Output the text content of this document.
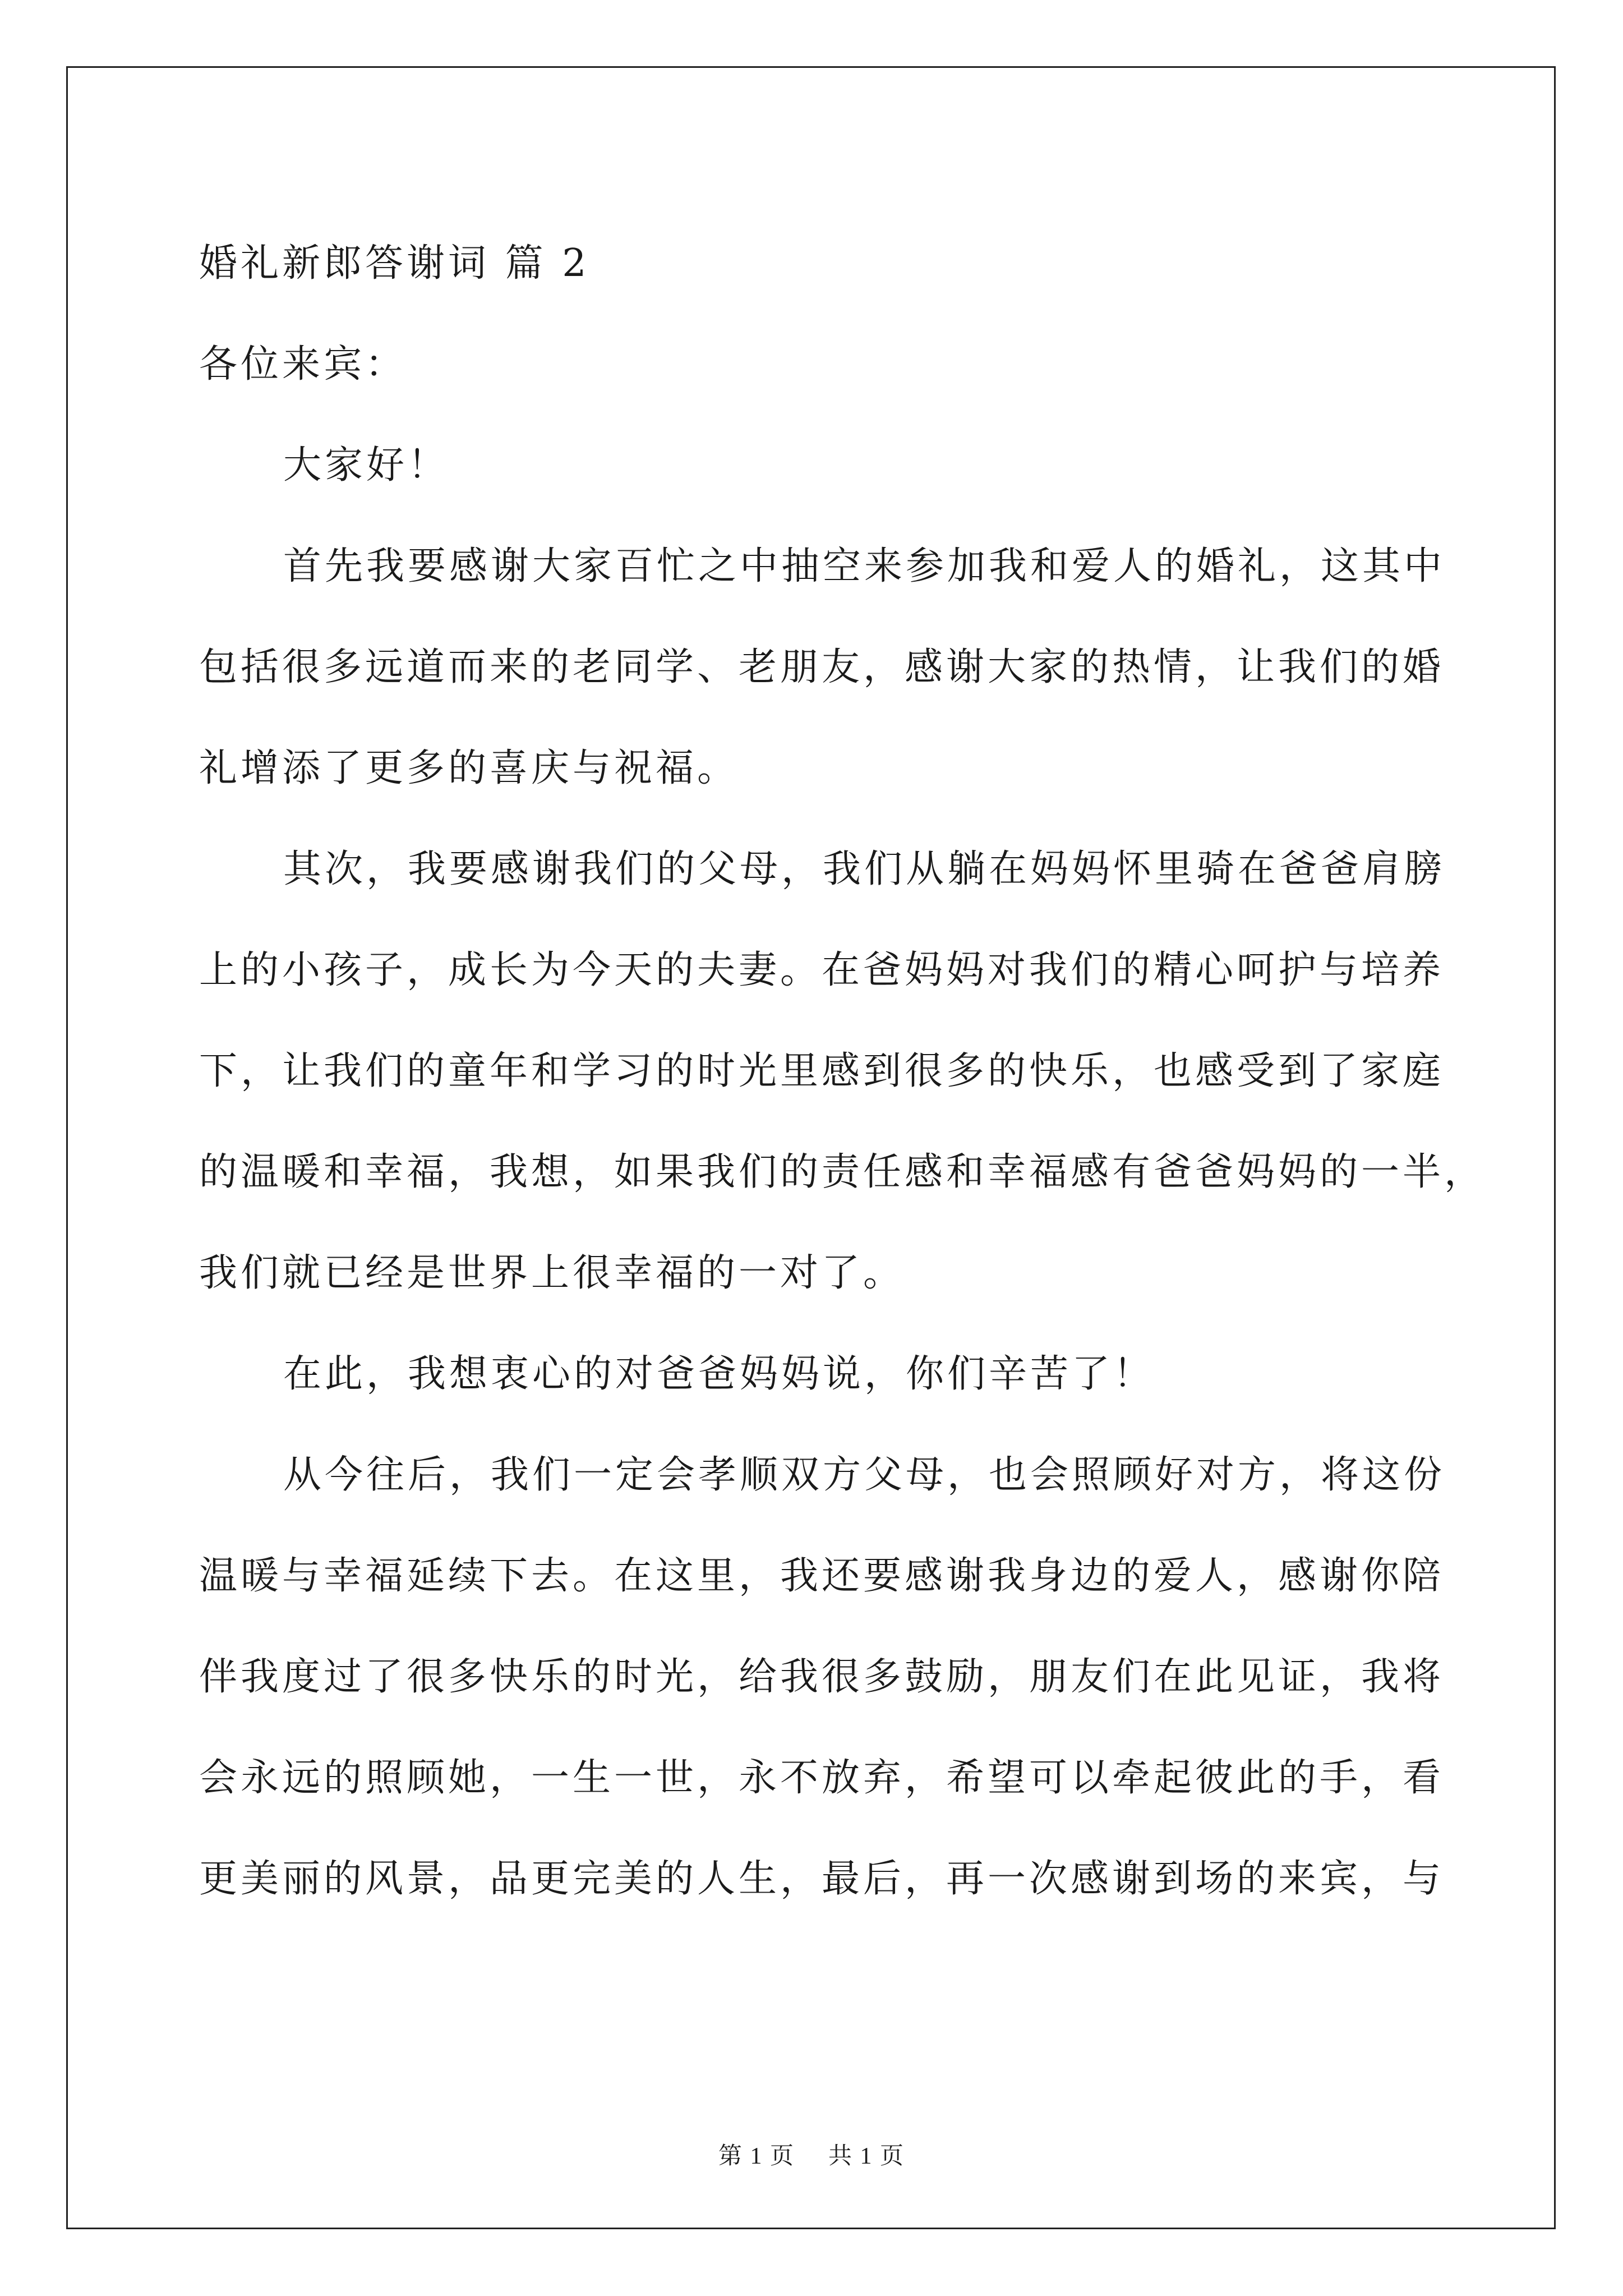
婚礼新郎答谢词 篇 2
各位来宾：
大家好！
首先我要感谢大家百忙之中抽空来参加我和爱人的婚礼，这其中
包括很多远道而来的老同学、老朋友，感谢大家的热情，让我们的婚
礼增添了更多的喜庆与祝福。
其次，我要感谢我们的父母，我们从躺在妈妈怀里骑在爸爸肩膀
上的小孩子，成长为今天的夫妻。在爸妈妈对我们的精心呵护与培养
下，让我们的童年和学习的时光里感到很多的快乐，也感受到了家庭
的温暖和幸福，我想，如果我们的责任感和幸福感有爸爸妈妈的一半，
我们就已经是世界上很幸福的一对了。
在此，我想衷心的对爸爸妈妈说，你们辛苦了！
从今往后，我们一定会孝顺双方父母，也会照顾好对方，将这份
温暖与幸福延续下去。在这里，我还要感谢我身边的爱人，感谢你陪
伴我度过了很多快乐的时光，给我很多鼓励，朋友们在此见证，我将
会永远的照顾她，一生一世，永不放弃，希望可以牵起彼此的手，看
更美丽的风景，品更完美的人生，最后，再一次感谢到场的来宾，与
第 1 页 共 1 页
